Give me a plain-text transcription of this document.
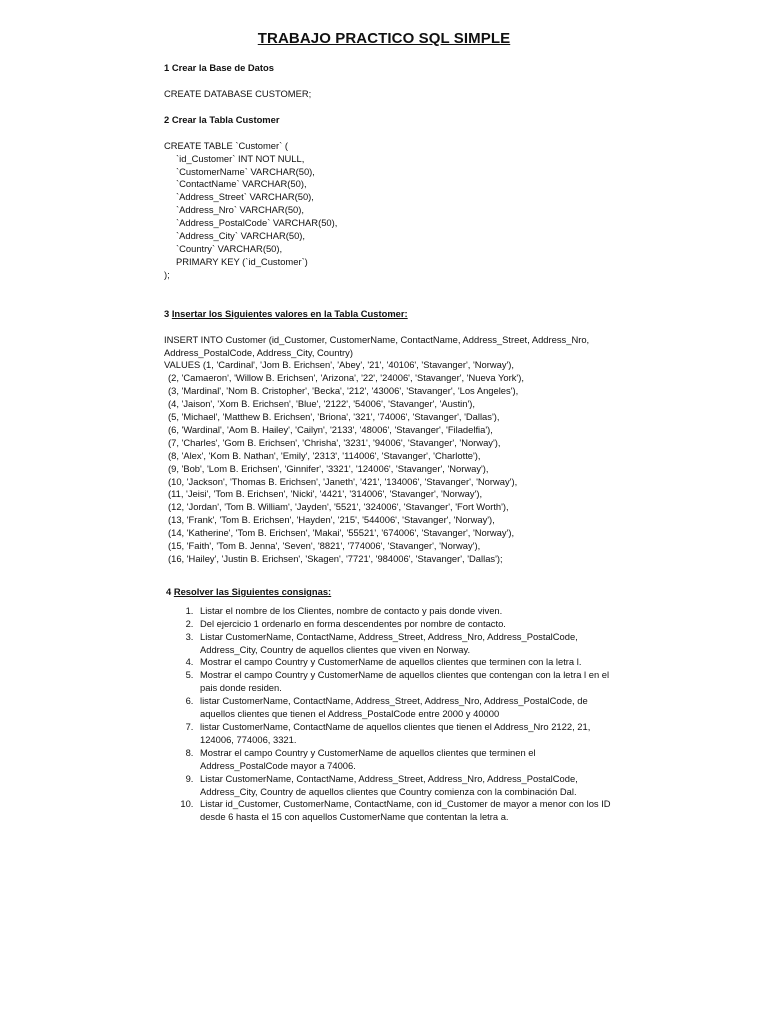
TRABAJO PRACTICO SQL SIMPLE

1 Crear la Base de Datos

CREATE DATABASE CUSTOMER;

2 Crear la Tabla Customer

CREATE TABLE `Customer` (

`id_Customer` INT NOT NULL,

`CustomerName` VARCHAR(50),

`ContactName` VARCHAR(50),

`Address_Street` VARCHAR(50),

`Address_Nro` VARCHAR(50),

`Address_PostalCode` VARCHAR(50),

`Address_City` VARCHAR(50),

`Country` VARCHAR(50),

PRIMARY KEY (`id_Customer`)

);

3 Insertar los Siguientes valores en la Tabla Customer:

INSERT INTO Customer (id_Customer, CustomerName, ContactName, Address_Street, Address_Nro,

Address_PostalCode, Address_City, Country)

VALUES (1, 'Cardinal', 'Jom B. Erichsen', 'Abey', '21', '40106', 'Stavanger', 'Norway'),

(2, 'Camaeron', 'Willow B. Erichsen', 'Arizona', '22', '24006', 'Stavanger', 'Nueva York'),

(3, 'Mardinal', 'Nom B. Cristopher', 'Becka', '212', '43006', 'Stavanger', 'Los Angeles'),

(4, 'Jaison', 'Xom B. Erichsen', 'Blue', '2122', '54006', 'Stavanger', 'Austin'),

(5, 'Michael', 'Matthew B. Erichsen', 'Briona', '321', '74006', 'Stavanger', 'Dallas'),

(6, 'Wardinal', 'Aom B. Hailey', 'Cailyn', '2133', '48006', 'Stavanger', 'Filadelfia'),

(7, 'Charles', 'Gom B. Erichsen', 'Chrisha', '3231', '94006', 'Stavanger', 'Norway'),

(8, 'Alex', 'Kom B. Nathan', 'Emily', '2313', '114006', 'Stavanger', 'Charlotte'),

(9, 'Bob', 'Lom B. Erichsen', 'Ginnifer', '3321', '124006', 'Stavanger', 'Norway'),

(10, 'Jackson', 'Thomas B. Erichsen', 'Janeth', '421', '134006', 'Stavanger', 'Norway'),

(11, 'Jeisi', 'Tom B. Erichsen', 'Nicki', '4421', '314006', 'Stavanger', 'Norway'),

(12, 'Jordan', 'Tom B. William', 'Jayden', '5521', '324006', 'Stavanger', 'Fort Worth'),

(13, 'Frank', 'Tom B. Erichsen', 'Hayden', '215', '544006', 'Stavanger', 'Norway'),

(14, 'Katherine', 'Tom B. Erichsen', 'Makai', '55521', '674006', 'Stavanger', 'Norway'),

(15, 'Faith', 'Tom B. Jenna', 'Seven', '8821', '774006', 'Stavanger', 'Norway'),

(16, 'Hailey', 'Justin B. Erichsen', 'Skagen', '7721', '984006', 'Stavanger', 'Dallas');

4 Resolver las Siguientes consignas:

1. Listar el nombre de los Clientes, nombre de contacto y pais donde viven.
2. Del ejercicio 1 ordenarlo en forma descendentes por nombre de contacto.
3. Listar CustomerName, ContactName, Address_Street, Address_Nro, Address_PostalCode, Address_City, Country de aquellos clientes que viven en Norway.
4. Mostrar el campo Country y CustomerName de aquellos clientes que terminen con la letra l.
5. Mostrar el campo Country y CustomerName de aquellos clientes que contengan con la letra l en el pais donde residen.
6. listar CustomerName, ContactName, Address_Street, Address_Nro, Address_PostalCode, de aquellos clientes que tienen el Address_PostalCode entre 2000 y 40000
7. listar CustomerName, ContactName de aquellos clientes que tienen el Address_Nro 2122, 21, 124006, 774006, 3321.
8. Mostrar el campo Country y CustomerName de aquellos clientes que terminen el Address_PostalCode mayor a 74006.
9. Listar CustomerName, ContactName, Address_Street, Address_Nro, Address_PostalCode, Address_City, Country de aquellos clientes que Country comienza con la combinación Dal.
10. Listar id_Customer, CustomerName, ContactName, con id_Customer de mayor a menor con los ID desde 6 hasta el 15 con aquellos CustomerName que contentan la letra a.
